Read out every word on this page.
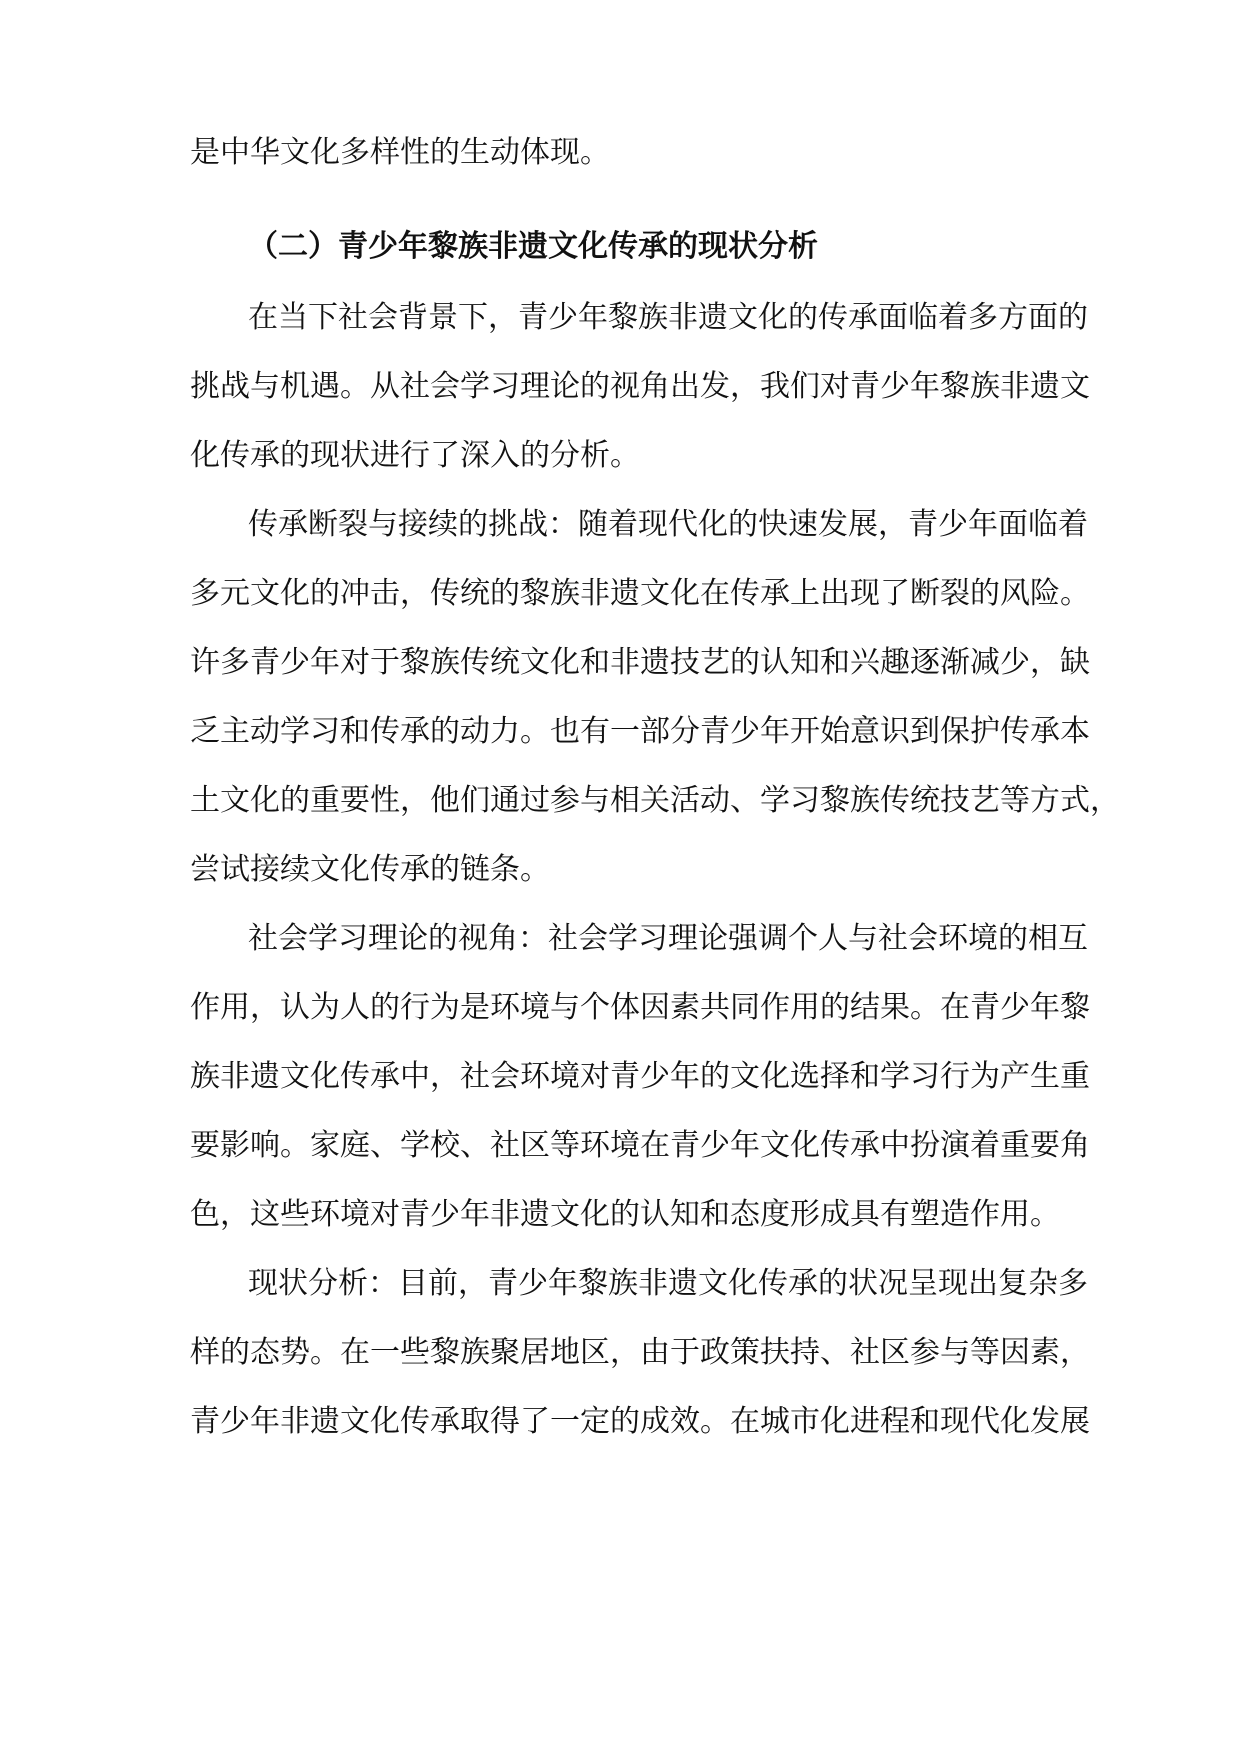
是中华文化多样性的生动体现。
（二）青少年黎族非遗文化传承的现状分析
在当下社会背景下，青少年黎族非遗文化的传承面临着多方面的
挑战与机遇。从社会学习理论的视角出发，我们对青少年黎族非遗文
化传承的现状进行了深入的分析。
传承断裂与接续的挑战：随着现代化的快速发展，青少年面临着
多元文化的冲击，传统的黎族非遗文化在传承上出现了断裂的风险。
许多青少年对于黎族传统文化和非遗技艺的认知和兴趣逐渐减少，缺
乏主动学习和传承的动力。也有一部分青少年开始意识到保护传承本
土文化的重要性，他们通过参与相关活动、学习黎族传统技艺等方式，
尝试接续文化传承的链条。
社会学习理论的视角：社会学习理论强调个人与社会环境的相互
作用，认为人的行为是环境与个体因素共同作用的结果。在青少年黎
族非遗文化传承中，社会环境对青少年的文化选择和学习行为产生重
要影响。家庭、学校、社区等环境在青少年文化传承中扮演着重要角
色，这些环境对青少年非遗文化的认知和态度形成具有塑造作用。
现状分析：目前，青少年黎族非遗文化传承的状况呈现出复杂多
样的态势。在一些黎族聚居地区，由于政策扶持、社区参与等因素，
青少年非遗文化传承取得了一定的成效。在城市化进程和现代化发展
